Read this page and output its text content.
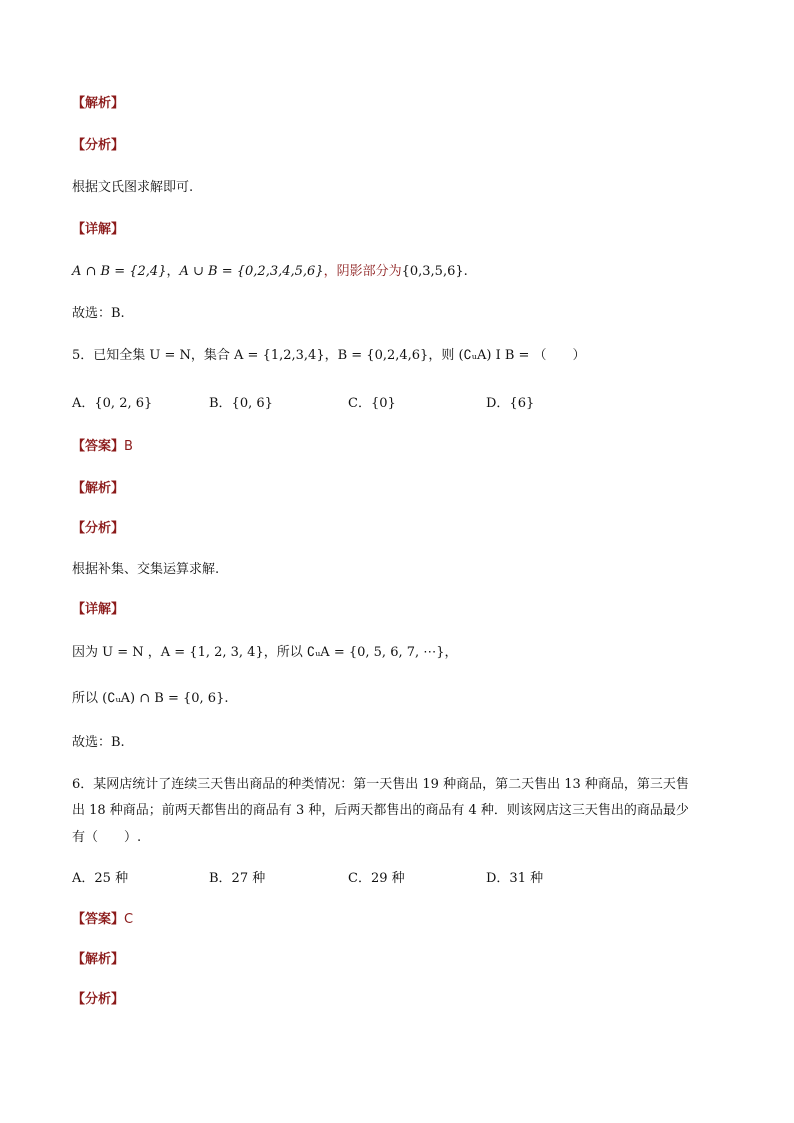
【解析】
【分析】
根据文氏图求解即可.
【详解】
A ∩ B = {2,4}，A ∪ B = {0,2,3,4,5,6}，阴影部分为{0,3,5,6}.
故选：B.
5．已知全集 U = N，集合 A = {1,2,3,4}，B = {0,2,4,6}，则 (∁ᵤA) I B = （　　）
A．{0, 2, 6}	B．{0, 6}	C．{0}	D．{6}
【答案】B
【解析】
【分析】
根据补集、交集运算求解.
【详解】
因为 U = N ，A = {1, 2, 3, 4}，所以 ∁ᵤA = {0, 5, 6, 7, ⋯}，
所以 (∁ᵤA) ∩ B = {0, 6}.
故选：B.
6．某网店统计了连续三天售出商品的种类情况：第一天售出 19 种商品，第二天售出 13 种商品，第三天售
出 18 种商品；前两天都售出的商品有 3 种，后两天都售出的商品有 4 种．则该网店这三天售出的商品最少
有（　　）.
A．25 种	B．27 种	C．29 种	D．31 种
【答案】C
【解析】
【分析】
